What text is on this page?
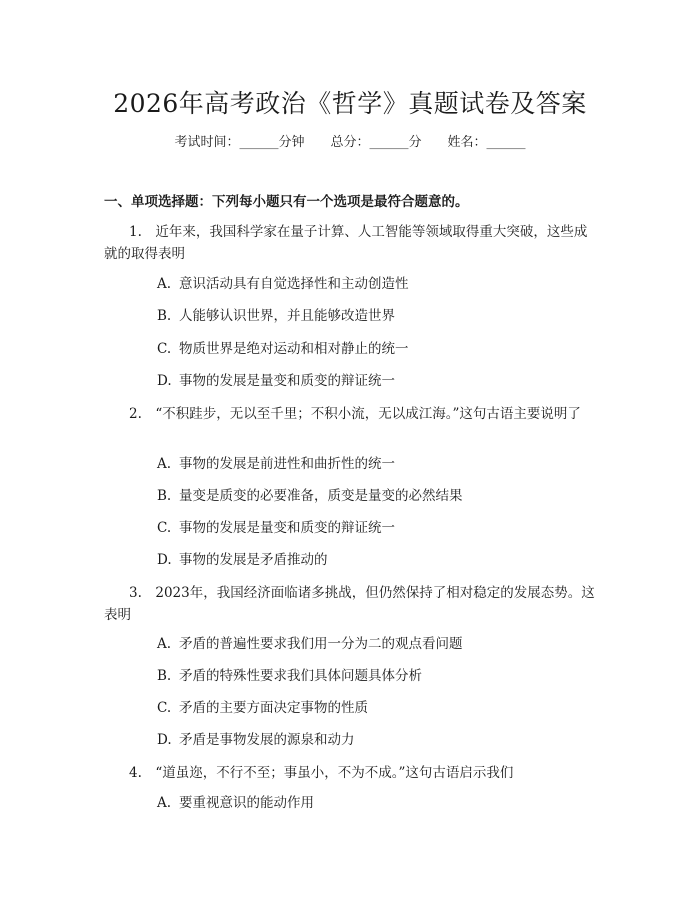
2026年高考政治《哲学》真题试卷及答案
考试时间：______分钟 总分：______分 姓名：______
一、单项选择题：下列每小题只有一个选项是最符合题意的。
1.　近年来，我国科学家在量子计算、人工智能等领域取得重大突破，这些成就的取得表明
A. 意识活动具有自觉选择性和主动创造性
B. 人能够认识世界，并且能够改造世界
C. 物质世界是绝对运动和相对静止的统一
D. 事物的发展是量变和质变的辩证统一
2.　“不积跬步，无以至千里；不积小流，无以成江海。”这句古语主要说明了
A. 事物的发展是前进性和曲折性的统一
B. 量变是质变的必要准备，质变是量变的必然结果
C. 事物的发展是量变和质变的辩证统一
D. 事物的发展是矛盾推动的
3.　2023年，我国经济面临诸多挑战，但仍然保持了相对稳定的发展态势。这表明
A. 矛盾的普遍性要求我们用一分为二的观点看问题
B. 矛盾的特殊性要求我们具体问题具体分析
C. 矛盾的主要方面决定事物的性质
D. 矛盾是事物发展的源泉和动力
4.　“道虽迩，不行不至；事虽小，不为不成。”这句古语启示我们
A. 要重视意识的能动作用
